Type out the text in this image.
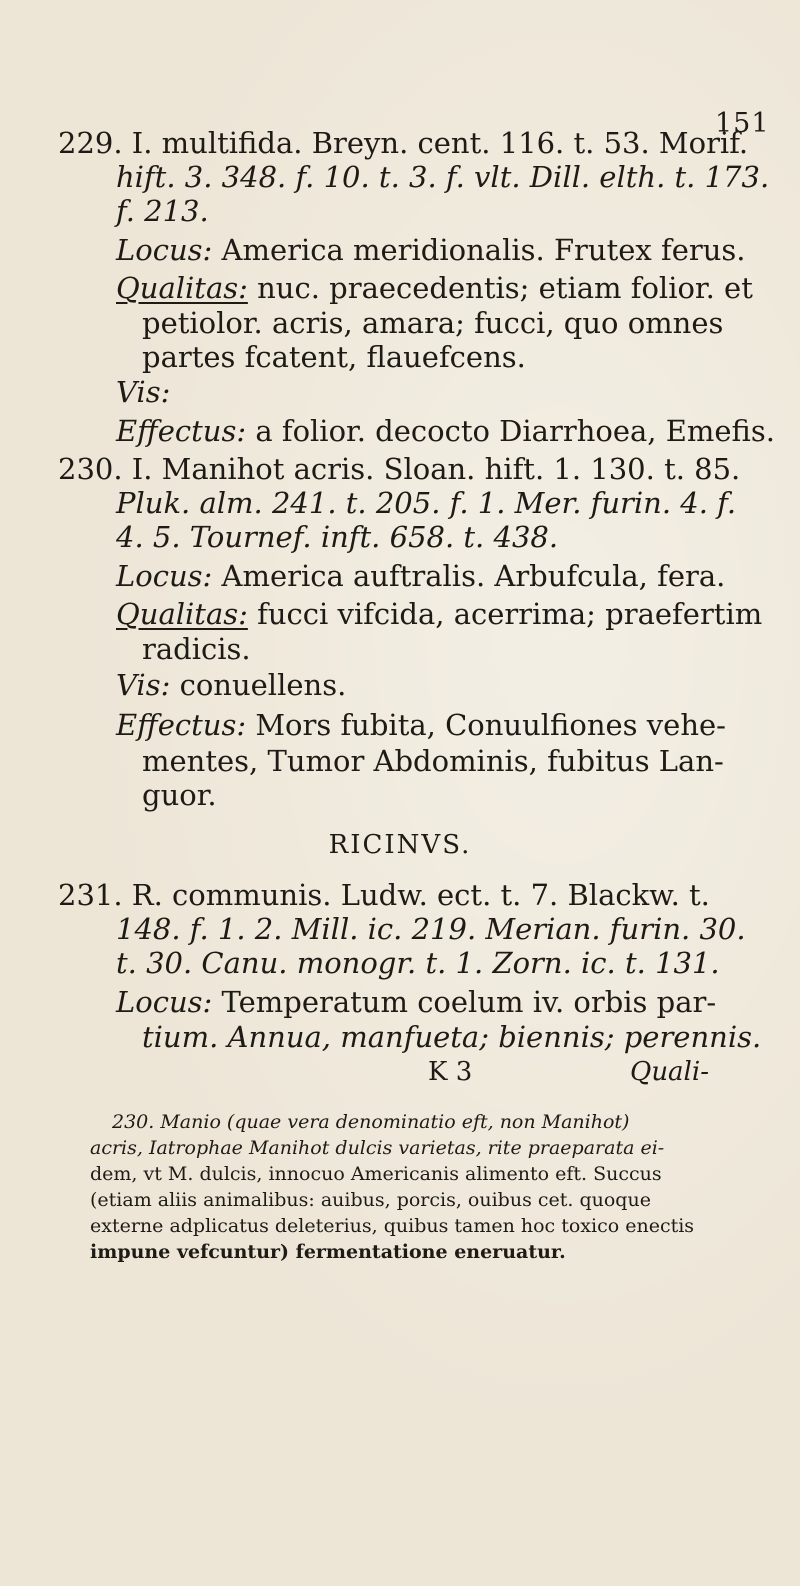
151
229. I. multifida. Breyn. cent. 116. t. 53. Morif.
hift. 3. 348. f. 10. t. 3. f. vlt. Dill. elth. t. 173.
f. 213.
Locus: America meridionalis. Frutex ferus.
Qualitas: nuc. praecedentis; etiam folior. et
petiolor. acris, amara; fucci, quo omnes
partes fcatent, flauefcens.
Vis:
Effectus: a folior. decocto Diarrhoea, Emefis.
230. I. Manihot acris. Sloan. hift. 1. 130. t. 85.
Pluk. alm. 241. t. 205. f. 1. Mer. furin. 4. f.
4. 5. Tournef. inft. 658. t. 438.
Locus: America auftralis. Arbufcula, fera.
Qualitas: fucci vifcida, acerrima; praefertim
radicis.
Vis: conuellens.
Effectus: Mors fubita, Conuulfiones vehe-
mentes, Tumor Abdominis, fubitus Lan-
guor.
RICINVS.
231. R. communis. Ludw. ect. t. 7. Blackw. t.
148. f. 1. 2. Mill. ic. 219. Merian. furin. 30.
t. 30. Canu. monogr. t. 1. Zorn. ic. t. 131.
Locus: Temperatum coelum iv. orbis par-
tium. Annua, manfueta; biennis; perennis.
K 3	Quali-
230. Manio (quae vera denominatio eft, non Manihot)
acris, Iatrophae Manihot dulcis varietas, rite praeparata ei-
dem, vt M. dulcis, innocuo Americanis alimento eft. Succus
(etiam aliis animalibus: auibus, porcis, ouibus cet. quoque
externe adplicatus deleterius, quibus tamen hoc toxico enectis
impune vefcuntur) fermentatione eneruatur.
